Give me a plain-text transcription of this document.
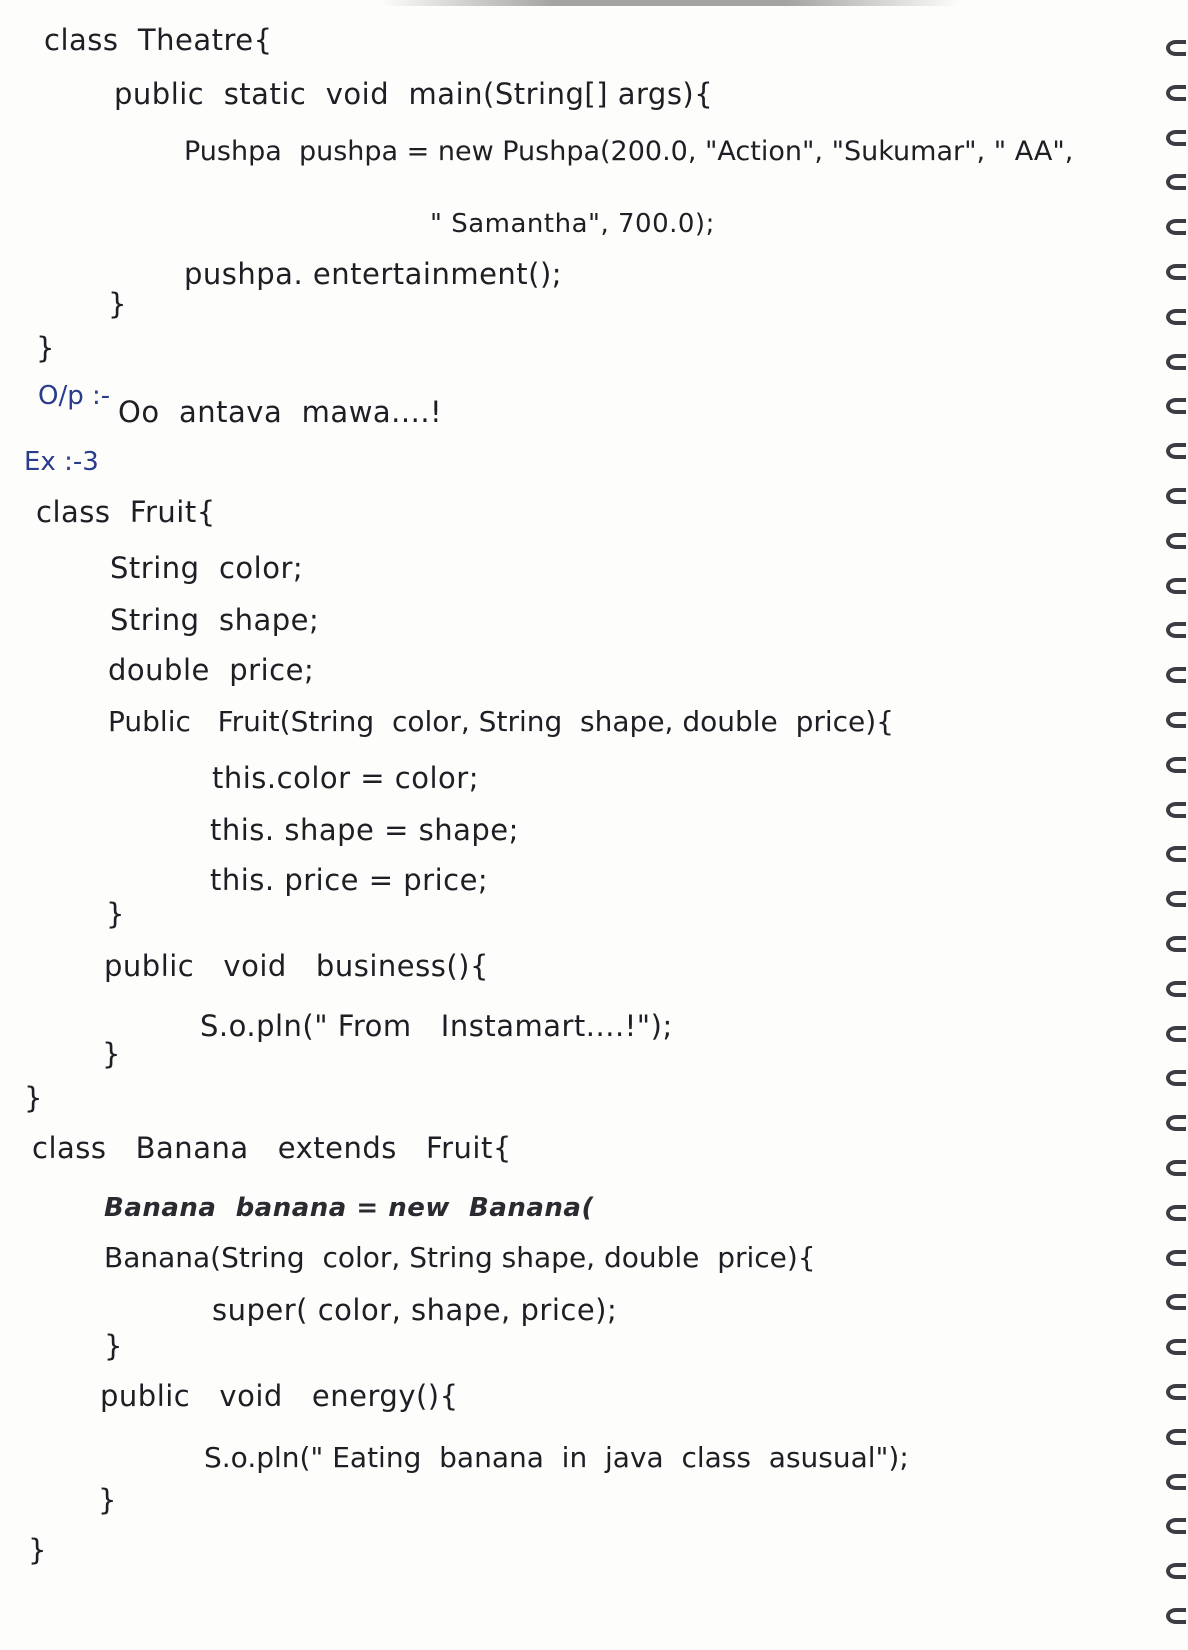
class  Theatre{
public  static  void  main(String[] args){
Pushpa  pushpa = new Pushpa(200.0, "Action", "Sukumar", " AA",
" Samantha", 700.0);
pushpa. entertainment();
}
}
O/p :- Oo  antava  mawa....!
Ex :-3
class  Fruit{
String  color;
String  shape;
double  price;
Public   Fruit(String  color, String  shape, double  price){
this.color = color;
this. shape = shape;
this. price = price;
}
public   void   business(){
S.o.pln(" From   Instamart....!");
}
}
class   Banana   extends   Fruit{
Banana  banana = new  Banana(
Banana(String  color, String shape, double  price){
super( color, shape, price);
}
public   void   energy(){
S.o.pln(" Eating  banana  in  java  class  asusual");
}
}
